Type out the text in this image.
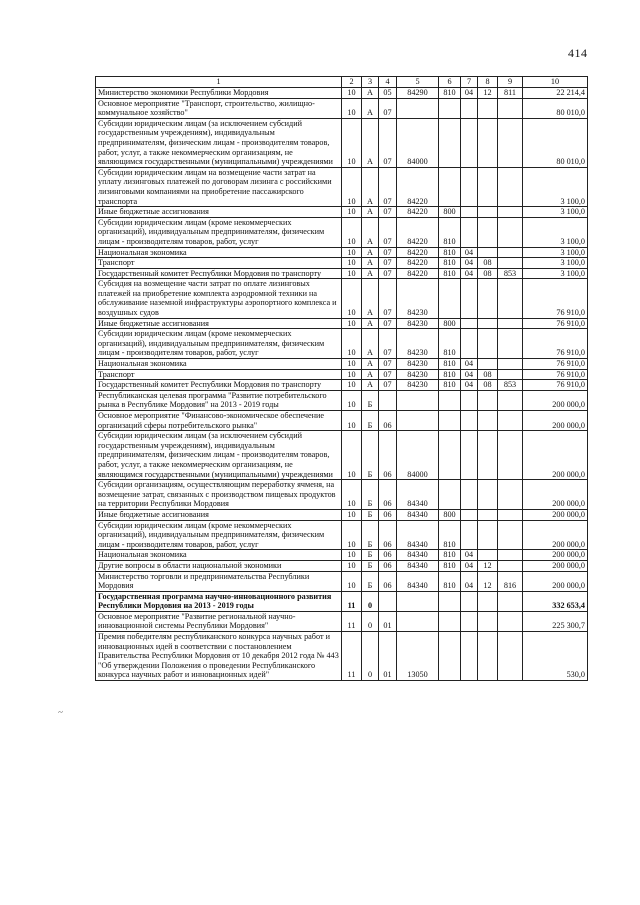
414
~
1	2	3	4	5	6	7	8	9	10
Министерство экономики Республики Мордовия	10	А	05	84290	810	04	12	811	22 214,4
Основное мероприятие "Транспорт, строительство, жилищно-коммунальное хозяйство"	10	А	07						80 010,0
Субсидии юридическим лицам (за исключением субсидий государственным учреждениям), индивидуальным предпринимателям, физическим лицам - производителям товаров, работ, услуг, а также некоммерческим организациям, не являющимся государственными (муниципальными) учреждениями	10	А	07	84000					80 010,0
Субсидии юридическим лицам на возмещение части затрат на уплату лизинговых платежей по договорам лизинга с российскими лизинговыми компаниями на приобретение пассажирского транспорта	10	А	07	84220					3 100,0
Иные бюджетные ассигнования	10	А	07	84220	800				3 100,0
Субсидии юридическим лицам (кроме некоммерческих организаций), индивидуальным предпринимателям, физическим лицам - производителям товаров, работ, услуг	10	А	07	84220	810				3 100,0
Национальная экономика	10	А	07	84220	810	04			3 100,0
Транспорт	10	А	07	84220	810	04	08		3 100,0
Государственный комитет Республики Мордовия по транспорту	10	А	07	84220	810	04	08	853	3 100,0
Субсидия на возмещение части затрат по оплате лизинговых платежей на приобретение комплекта аэродромной техники на обслуживание наземной инфраструктуры аэропортного комплекса и воздушных судов	10	А	07	84230					76 910,0
Иные бюджетные ассигнования	10	А	07	84230	800				76 910,0
Субсидии юридическим лицам (кроме некоммерческих организаций), индивидуальным предпринимателям, физическим лицам - производителям товаров, работ, услуг	10	А	07	84230	810				76 910,0
Национальная экономика	10	А	07	84230	810	04			76 910,0
Транспорт	10	А	07	84230	810	04	08		76 910,0
Государственный комитет Республики Мордовия по транспорту	10	А	07	84230	810	04	08	853	76 910,0
Республиканская целевая программа "Развитие потребительского рынка в Республике Мордовия" на 2013 - 2019 годы	10	Б							200 000,0
Основное мероприятие "Финансово-экономическое обеспечение организаций сферы потребительского рынка"	10	Б	06						200 000,0
Субсидии юридическим лицам (за исключением субсидий государственным учреждениям), индивидуальным предпринимателям, физическим лицам - производителям товаров, работ, услуг, а также некоммерческим организациям, не являющимся государственными (муниципальными) учреждениями	10	Б	06	84000					200 000,0
Субсидии организациям, осуществляющим переработку ячменя, на возмещение затрат, связанных с производством пищевых продуктов на территории Республики Мордовия	10	Б	06	84340					200 000,0
Иные бюджетные ассигнования	10	Б	06	84340	800				200 000,0
Субсидии юридическим лицам (кроме некоммерческих организаций), индивидуальным предпринимателям, физическим лицам - производителям товаров, работ, услуг	10	Б	06	84340	810				200 000,0
Национальная экономика	10	Б	06	84340	810	04			200 000,0
Другие вопросы в области национальной экономики	10	Б	06	84340	810	04	12		200 000,0
Министерство торговли и предпринимательства Республики Мордовия	10	Б	06	84340	810	04	12	816	200 000,0
Государственная программа научно-инновационного развития Республики Мордовия на 2013 - 2019 годы	11	0							332 653,4
Основное мероприятие "Развитие региональной научно-инновационной системы Республики Мордовия"	11	0	01						225 300,7
Премия победителям республиканского конкурса научных работ и инновационных идей в соответствии с постановлением Правительства Республики Мордовия от 10 декабря 2012 года № 443 "Об утверждении Положения о проведении Республиканского конкурса научных работ и инновационных идей"	11	0	01	13050					530,0
